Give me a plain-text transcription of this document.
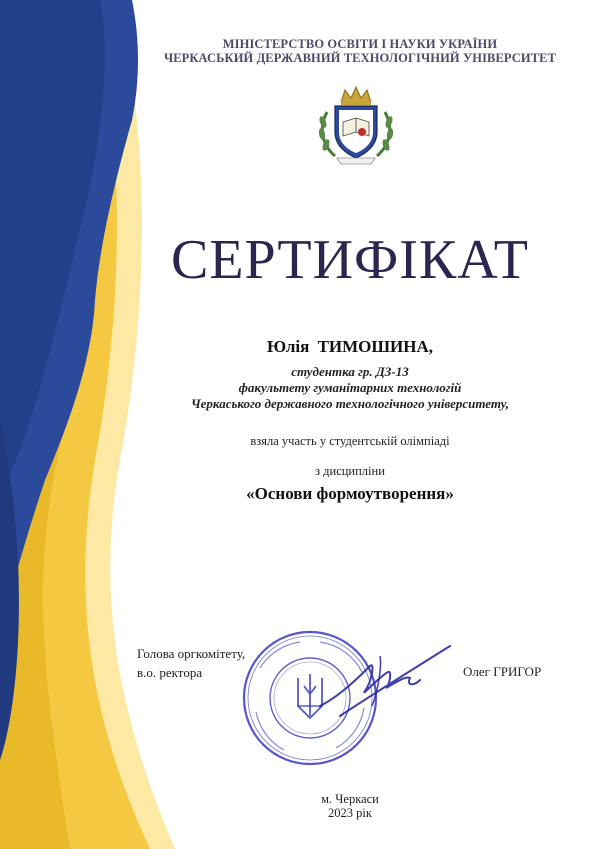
МІНІСТЕРСТВО ОСВІТИ І НАУКИ УКРАЇНИ
ЧЕРКАСЬКИЙ ДЕРЖАВНИЙ ТЕХНОЛОГІЧНИЙ УНІВЕРСИТЕТ
СЕРТИФІКАТ
Юлія ТИМОШИНА,
студентка гр. ДЗ-13
факультету гуманітарних технологій
Черкаського державного технологічного університету,
взяла участь у студентській олімпіаді
з дисципліни
«Основи формоутворення»
Голова оргкомітету,
в.о. ректора	Олег ГРИГОР
м. Черкаси
2023 рік
